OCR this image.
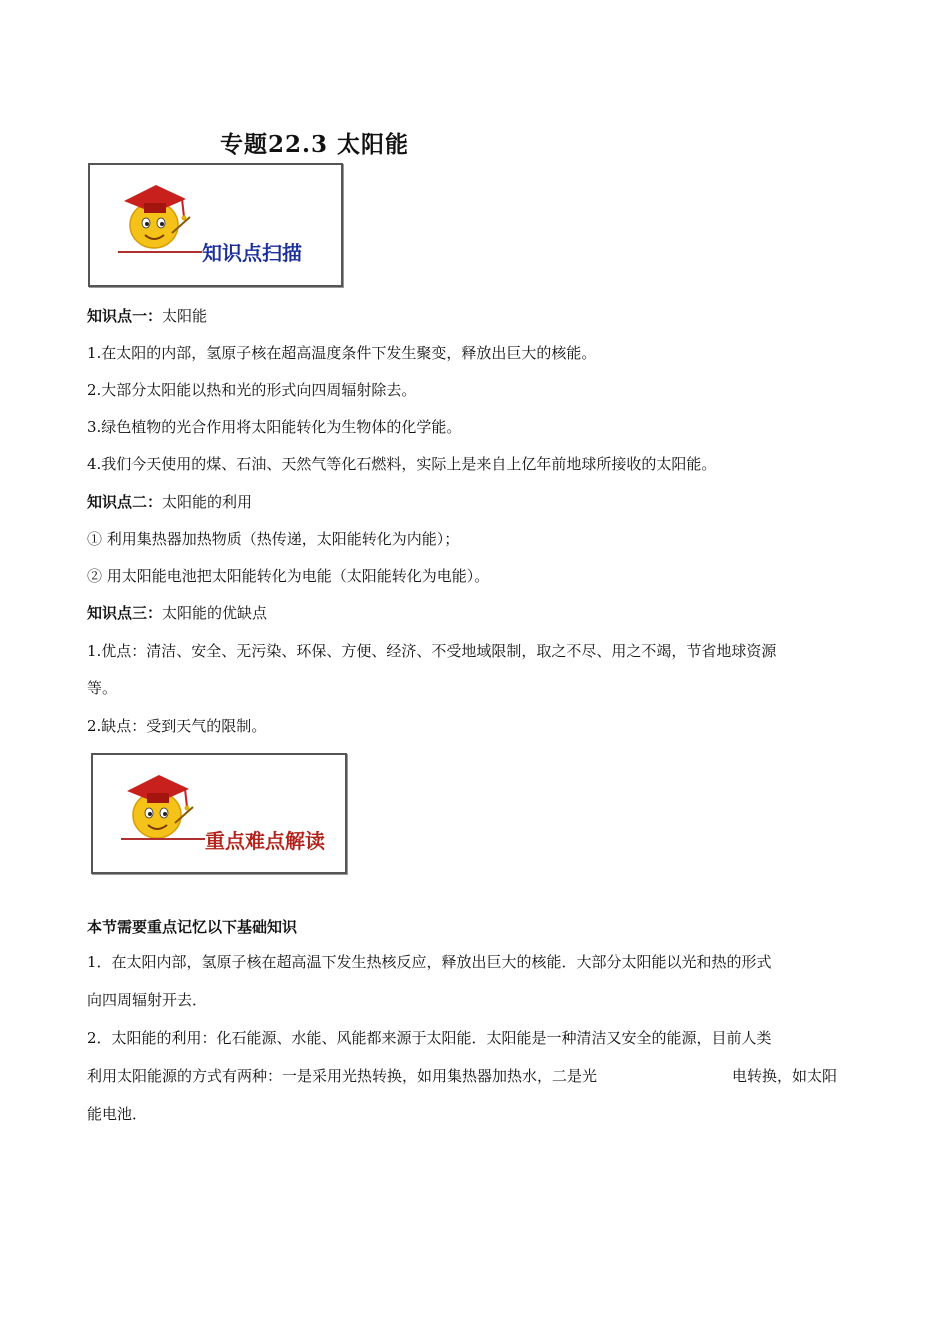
专题22.3 太阳能
知识点扫描
知识点一：太阳能
1.在太阳的内部，氢原子核在超高温度条件下发生聚变，释放出巨大的核能。
2.大部分太阳能以热和光的形式向四周辐射除去。
3.绿色植物的光合作用将太阳能转化为生物体的化学能。
4.我们今天使用的煤、石油、天然气等化石燃料，实际上是来自上亿年前地球所接收的太阳能。
知识点二：太阳能的利用
① 利用集热器加热物质（热传递，太阳能转化为内能）；
② 用太阳能电池把太阳能转化为电能（太阳能转化为电能）。
知识点三：太阳能的优缺点
1.优点：清洁、安全、无污染、环保、方便、经济、不受地域限制，取之不尽、用之不竭，节省地球资源
等。
2.缺点：受到天气的限制。
重点难点解读
本节需要重点记忆以下基础知识
1．在太阳内部，氢原子核在超高温下发生热核反应，释放出巨大的核能．大部分太阳能以光和热的形式
向四周辐射开去．
2．太阳能的利用：化石能源、水能、风能都来源于太阳能．太阳能是一种清洁又安全的能源，目前人类
利用太阳能源的方式有两种：一是采用光热转换，如用集热器加热水，二是光	电转换，如太阳
能电池．
